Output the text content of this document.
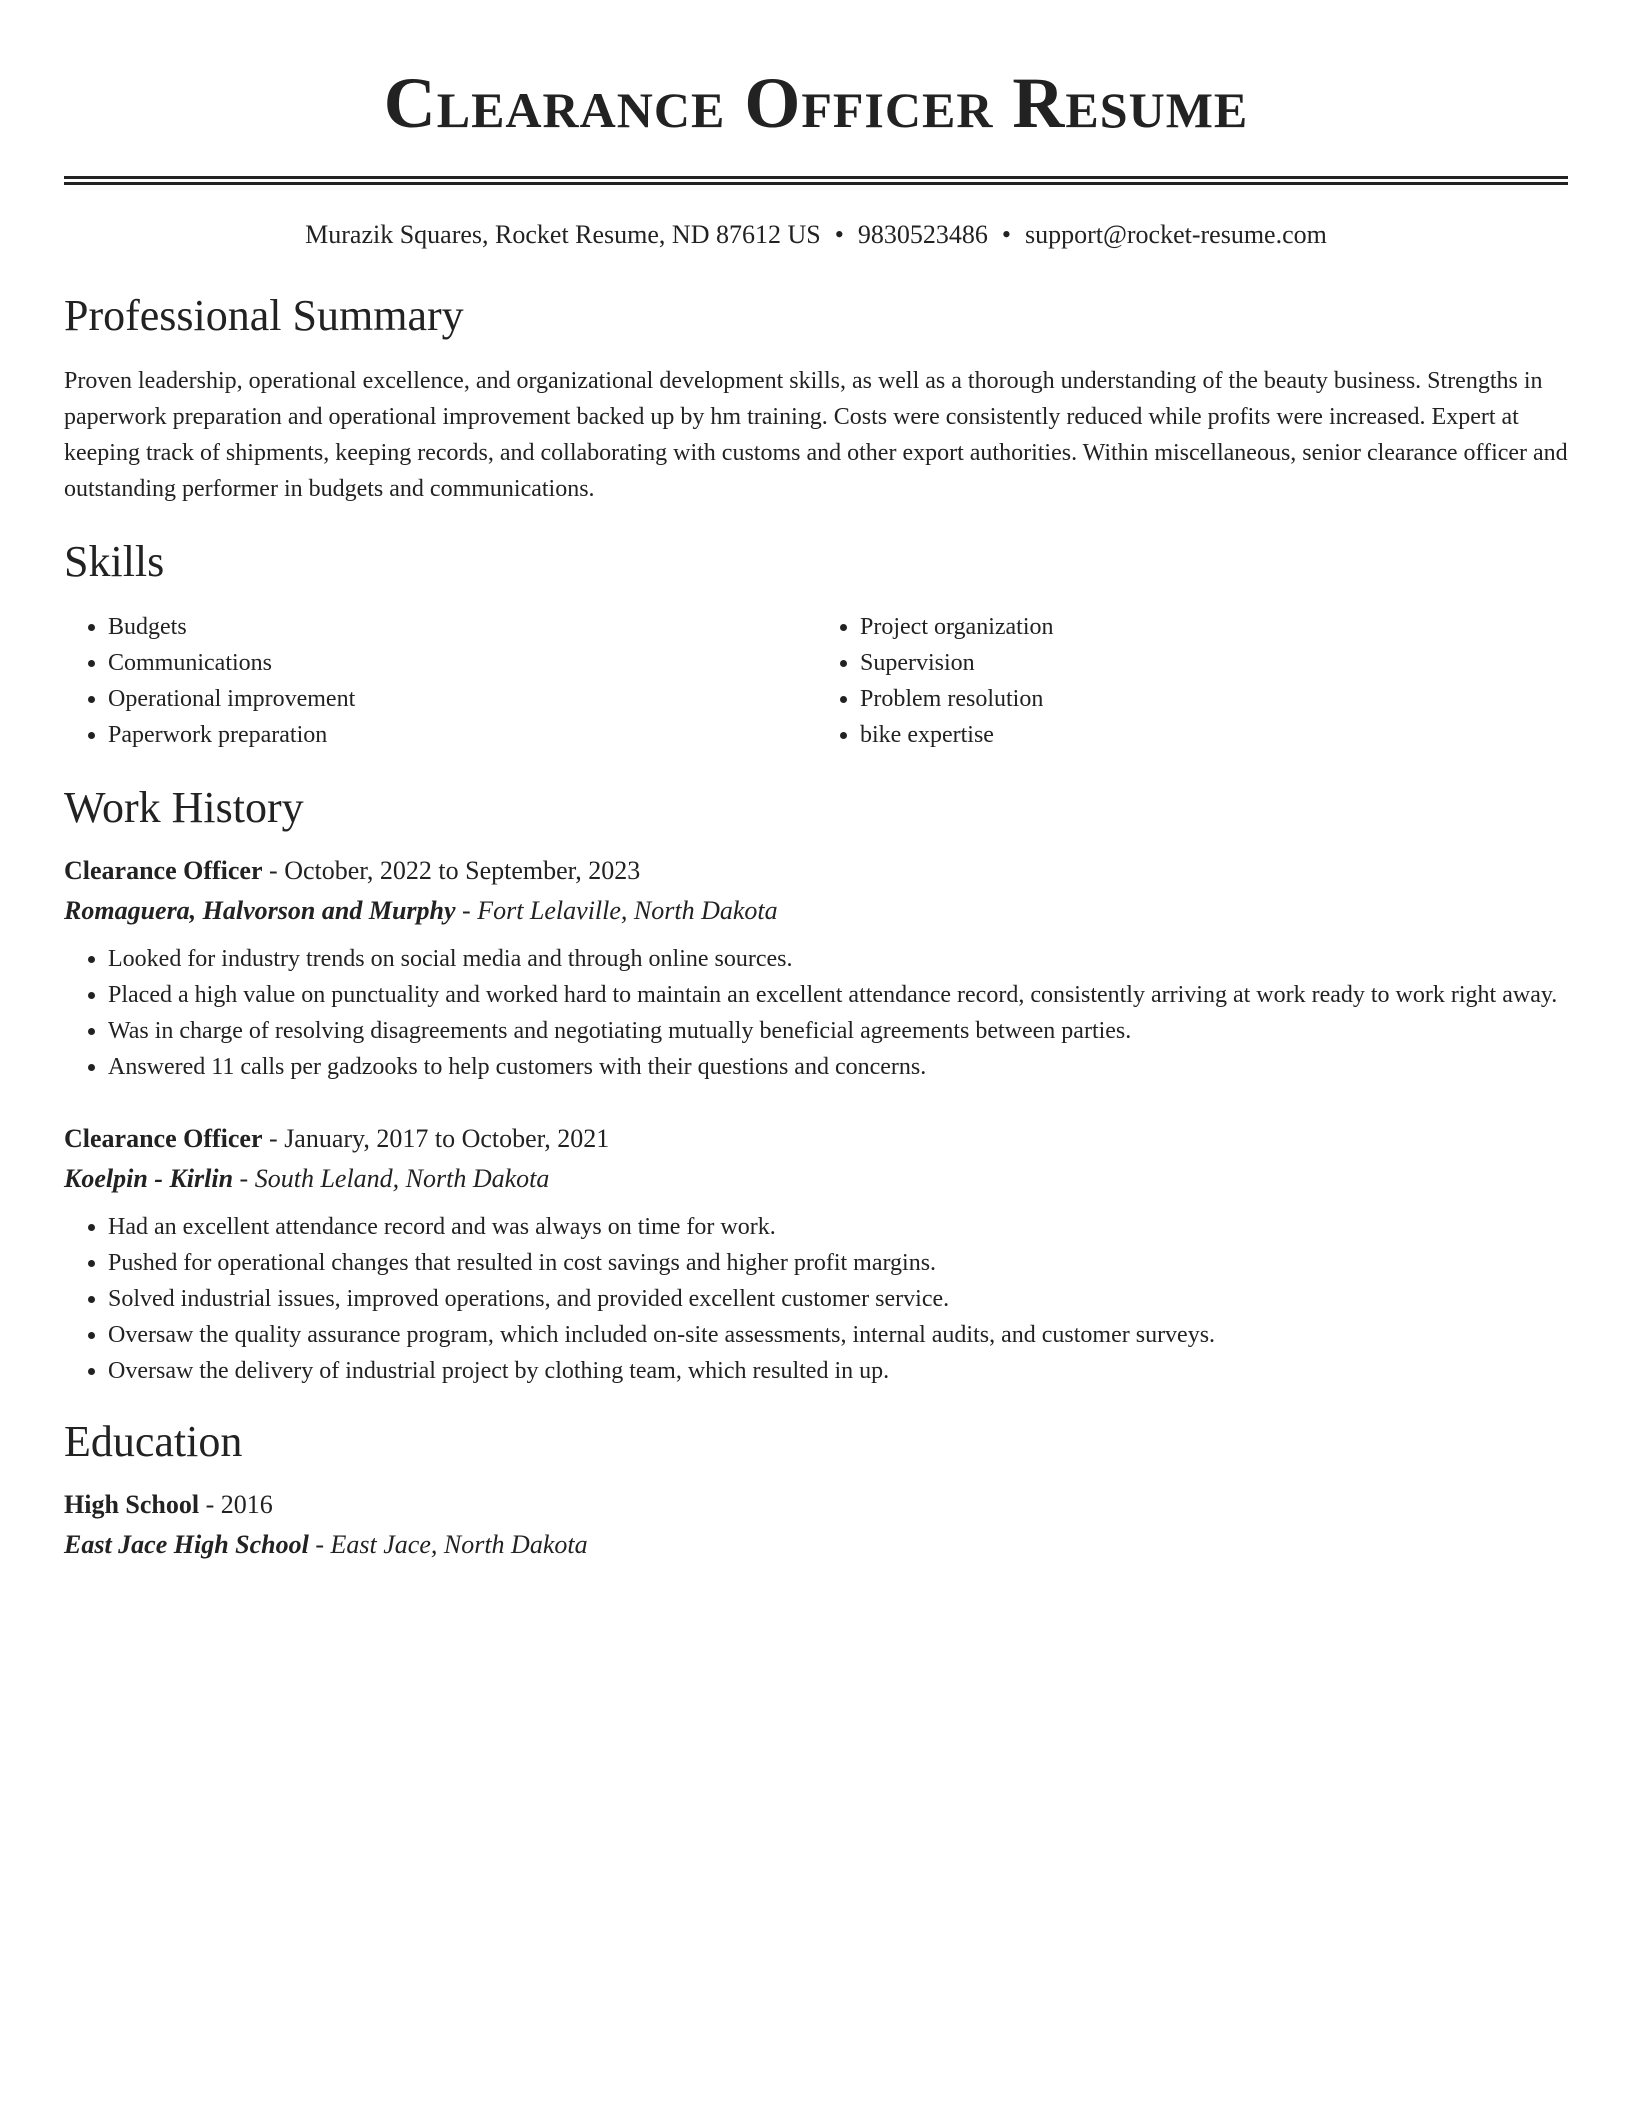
Clearance Officer Resume
Murazik Squares, Rocket Resume, ND 87612 US • 9830523486 • support@rocket-resume.com
Professional Summary

Proven leadership, operational excellence, and organizational development skills, as well as a thorough understanding of the beauty business. Strengths in paperwork preparation and operational improvement backed up by hm training. Costs were consistently reduced while profits were increased. Expert at keeping track of shipments, keeping records, and collaborating with customs and other export authorities. Within miscellaneous, senior clearance officer and outstanding performer in budgets and communications.

Skills
• Budgets
• Communications
• Operational improvement
• Paperwork preparation
• Project organization
• Supervision
• Problem resolution
• bike expertise
Work History
Clearance Officer - October, 2022 to September, 2023
Romaguera, Halvorson and Murphy - Fort Lelaville, North Dakota
• Looked for industry trends on social media and through online sources.
• Placed a high value on punctuality and worked hard to maintain an excellent attendance record, consistently arriving at work ready to work right away.
• Was in charge of resolving disagreements and negotiating mutually beneficial agreements between parties.
• Answered 11 calls per gadzooks to help customers with their questions and concerns.
Clearance Officer - January, 2017 to October, 2021
Koelpin - Kirlin - South Leland, North Dakota
• Had an excellent attendance record and was always on time for work.
• Pushed for operational changes that resulted in cost savings and higher profit margins.
• Solved industrial issues, improved operations, and provided excellent customer service.
• Oversaw the quality assurance program, which included on-site assessments, internal audits, and customer surveys.
• Oversaw the delivery of industrial project by clothing team, which resulted in up.
Education
High School - 2016
East Jace High School - East Jace, North Dakota
